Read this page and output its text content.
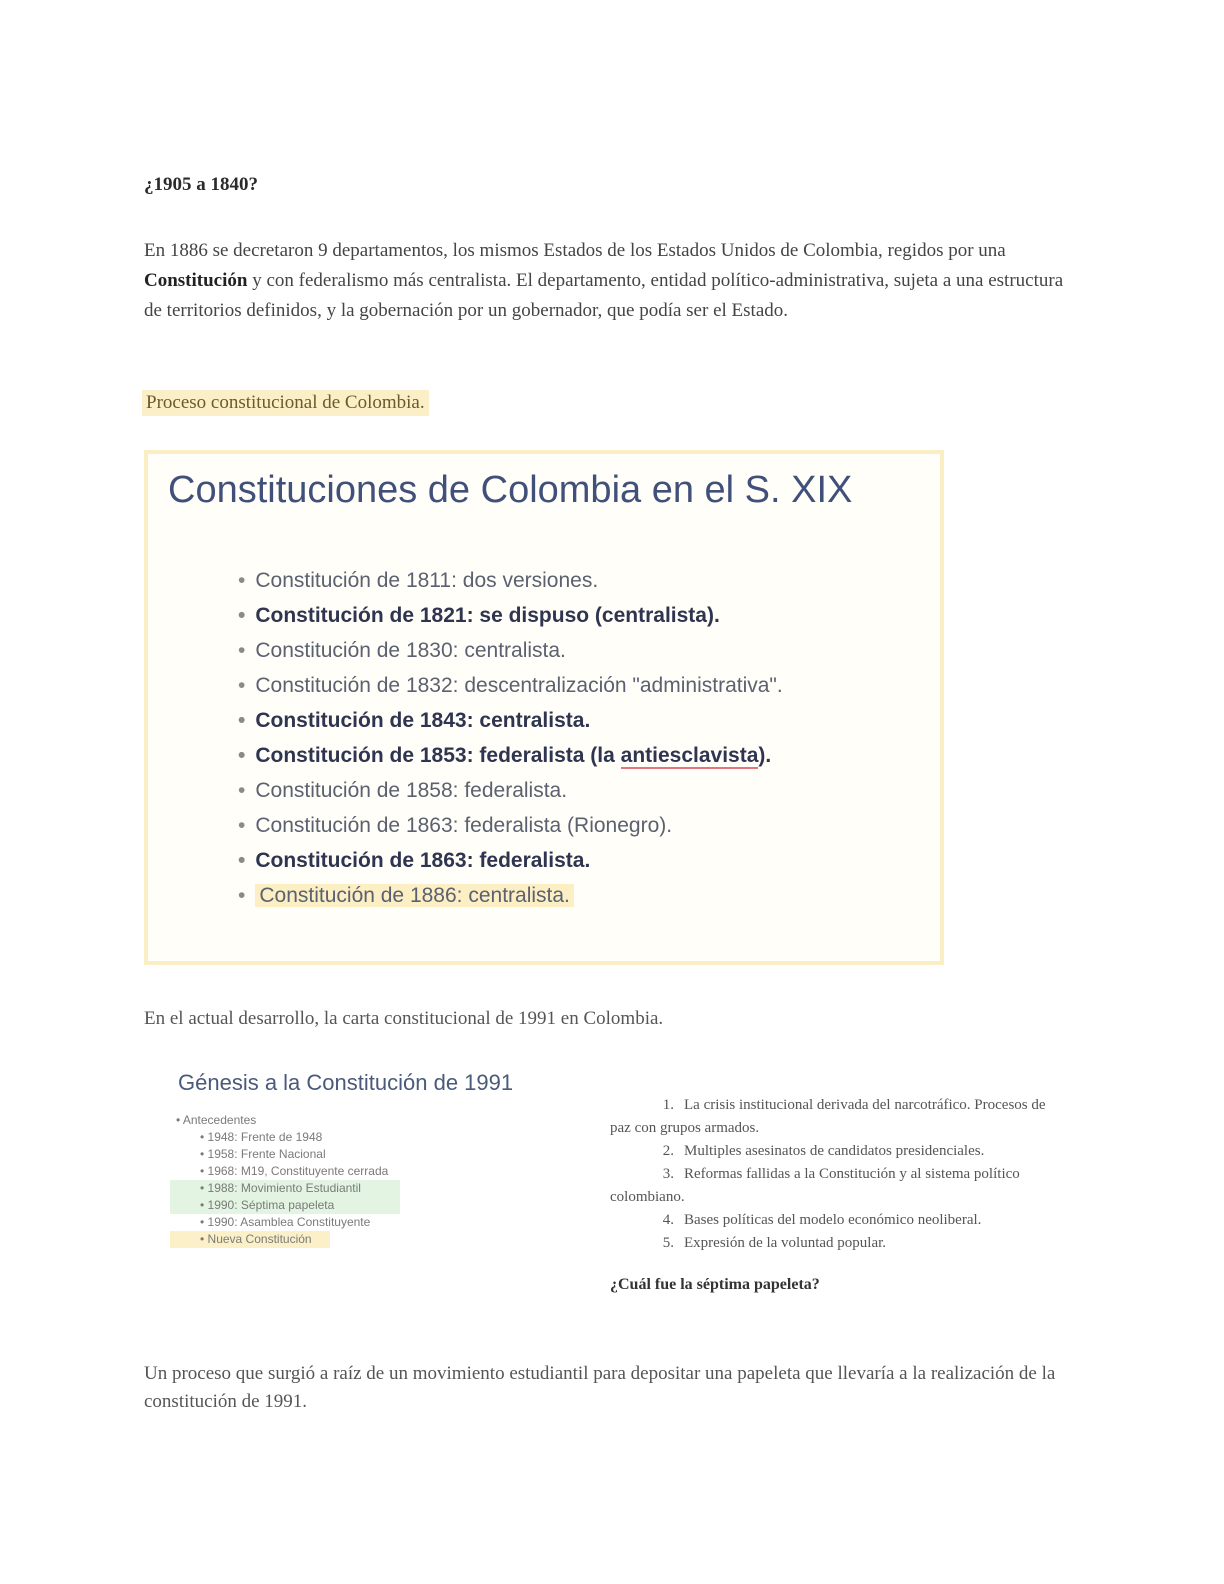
¿1905 a 1840?

En 1886 se decretaron 9 departamentos, los mismos Estados de los Estados Unidos de Colombia, regidos por una Constitución y con federalismo más centralista. El departamento, entidad político-administrativa, sujeta a una estructura de territorios definidos, y la gobernación por un gobernador, que podía ser el Estado.

Proceso constitucional de Colombia.
Constituciones de Colombia en el S. XIX
• Constitución de 1811: dos versiones.
• Constitución de 1821: se dispuso (centralista).
• Constitución de 1830: centralista.
• Constitución de 1832: descentralización "administrativa".
• Constitución de 1843: centralista.
• Constitución de 1853: federalista (la antiesclavista).
• Constitución de 1858: federalista.
• Constitución de 1863: federalista (Rionegro).
• Constitución de 1863: federalista.
• Constitución de 1886: centralista.
En el actual desarrollo, la carta constitucional de 1991 en Colombia.
Génesis a la Constitución de 1991
• Antecedentes
• 1948: Frente de 1948
• 1958: Frente Nacional
• 1968: M19, Constituyente cerrada
• 1988: Movimiento Estudiantil
• 1990: Séptima papeleta
• 1990: Asamblea Constituyente
• Nueva Constitución

1. La crisis institucional derivada del narcotráfico. Procesos de paz con grupos armados.

2. Multiples asesinatos de candidatos presidenciales.

3. Reformas fallidas a la Constitución y al sistema político colombiano.

4. Bases políticas del modelo económico neoliberal.

5. Expresión de la voluntad popular.

¿Cuál fue la séptima papeleta?
Un proceso que surgió a raíz de un movimiento estudiantil para depositar una papeleta que llevaría a la realización de la constitución de 1991.
